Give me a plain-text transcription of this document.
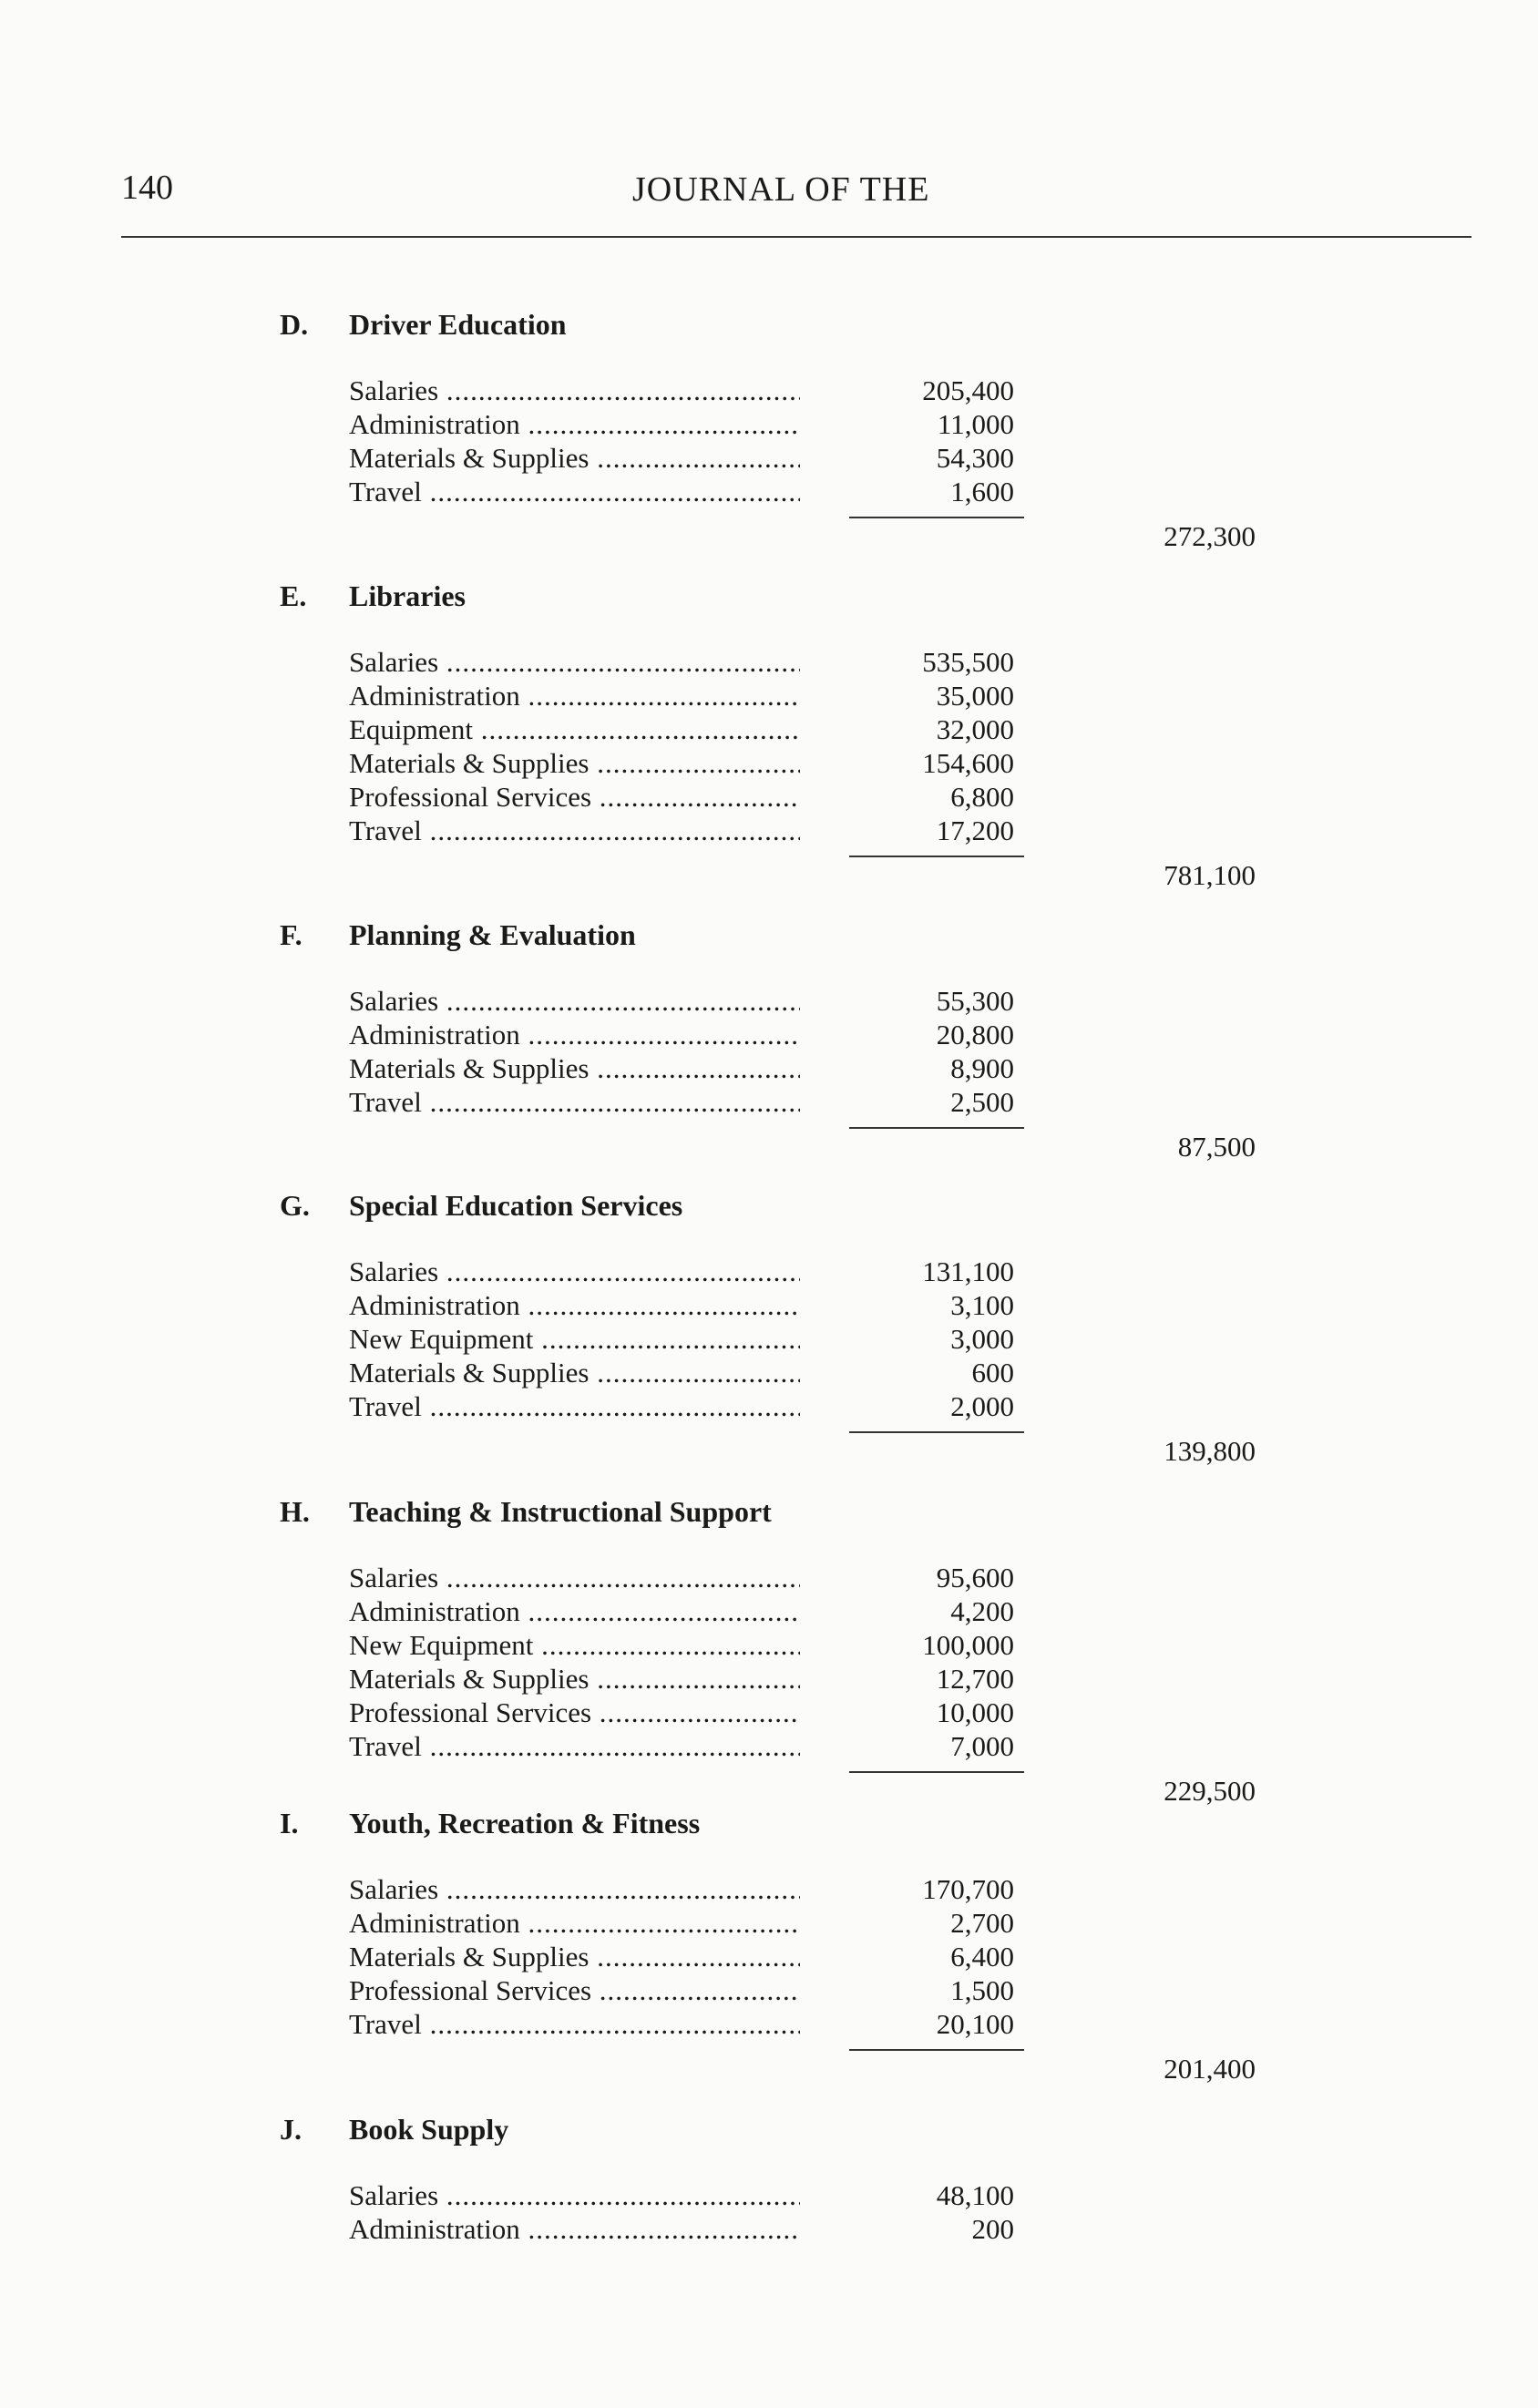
140	JOURNAL OF THE
D. Driver Education
Salaries .....	205,400
Administration .....	11,000
Materials & Supplies .....	54,300
Travel .....	1,600
272,300
E. Libraries
Salaries .....	535,500
Administration .....	35,000
Equipment .....	32,000
Materials & Supplies .....	154,600
Professional Services .....	6,800
Travel .....	17,200
781,100
F. Planning & Evaluation
Salaries .....	55,300
Administration .....	20,800
Materials & Supplies .....	8,900
Travel .....	2,500
87,500
G. Special Education Services
Salaries .....	131,100
Administration .....	3,100
New Equipment .....	3,000
Materials & Supplies .....	600
Travel .....	2,000
139,800
H. Teaching & Instructional Support
Salaries .....	95,600
Administration .....	4,200
New Equipment .....	100,000
Materials & Supplies .....	12,700
Professional Services .....	10,000
Travel .....	7,000
229,500
I. Youth, Recreation & Fitness
Salaries .....	170,700
Administration .....	2,700
Materials & Supplies .....	6,400
Professional Services .....	1,500
Travel .....	20,100
201,400
J. Book Supply
Salaries .....	48,100
Administration .....	200
